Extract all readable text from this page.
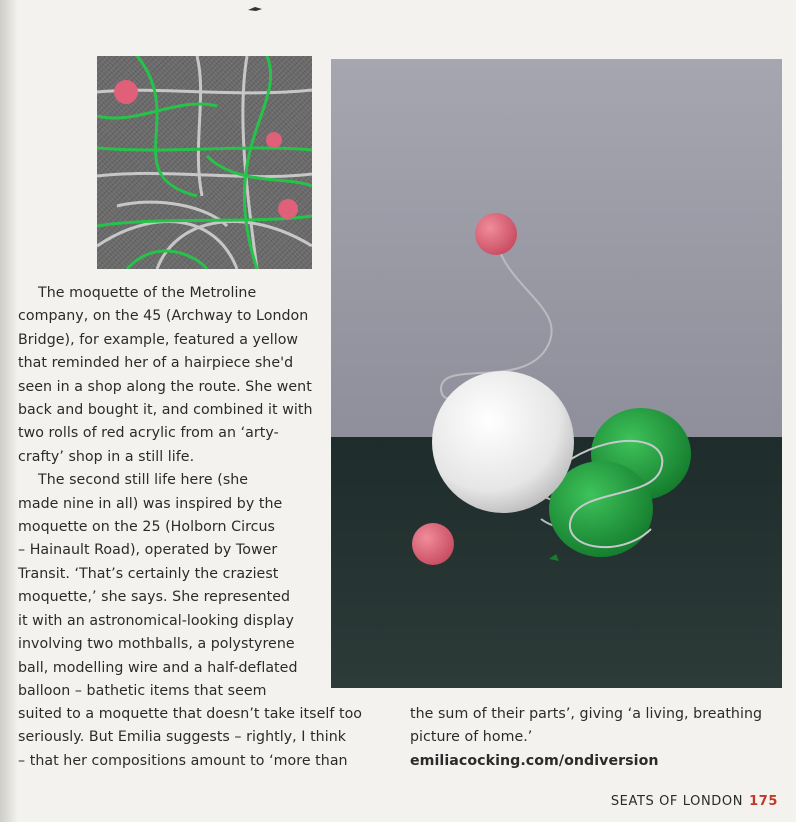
The moquette of the Metroline
company, on the 45 (Archway to London
Bridge), for example, featured a yellow
that reminded her of a hairpiece she'd
seen in a shop along the route. She went
back and bought it, and combined it with
two rolls of red acrylic from an ‘arty-
crafty’ shop in a still life.
The second still life here (she
made nine in all) was inspired by the
moquette on the 25 (Holborn Circus
– Hainault Road), operated by Tower
Transit. ‘That’s certainly the craziest
moquette,’ she says. She represented
it with an astronomical-looking display
involving two mothballs, a polystyrene
ball, modelling wire and a half-deflated
balloon – bathetic items that seem
suited to a moquette that doesn’t take itself too
seriously. But Emilia suggests – rightly, I think
– that her compositions amount to ‘more than
the sum of their parts’, giving ‘a living, breathing
picture of home.’
emiliacocking.com/ondiversion
SEATS OF LONDON 175
